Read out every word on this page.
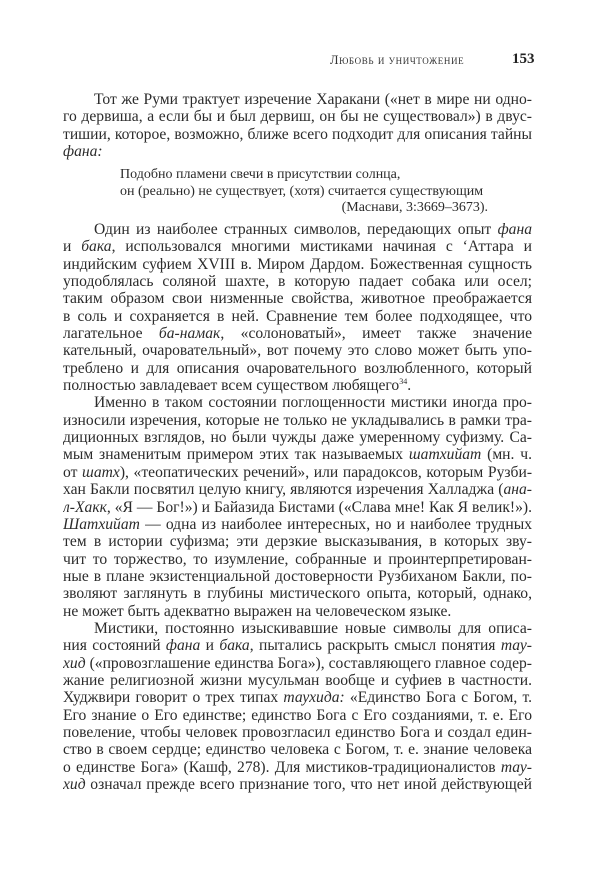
Любовь и уничтожение	153
Тот же Руми трактует изречение Харакани («нет в мире ни одно-
го дервиша, а если бы и был дервиш, он бы не существовал») в двус-
тишии, которое, возможно, ближе всего подходит для описания тайны
фана:
Подобно пламени свечи в присутствии солнца,
он (реально) не существует, (хотя) считается существующим
(Маснави, 3:3669–3673).
Один из наиболее странных символов, передающих опыт фана
и бака, использовался многими мистиками начиная с ‘Аттара и
индийским суфием XVIII в. Миром Дардом. Божественная сущность
уподоблялась соляной шахте, в которую падает собака или осел;
таким образом свои низменные свойства, животное преображается
в соль и сохраняется в ней. Сравнение тем более подходящее, что
лагательное ба-намак, «солоноватый», имеет также значение
кательный, очаровательный», вот почему это слово может быть упо-
треблено и для описания очаровательного возлюбленного, который
полностью завладевает всем существом любящего$^{34}$.
Именно в таком состоянии поглощенности мистики иногда про-
износили изречения, которые не только не укладывались в рамки тра-
диционных взглядов, но были чужды даже умеренному суфизму. Са-
мым знаменитым примером этих так называемых шатхийат (мн. ч.
от шатх), «теопатических речений», или парадоксов, которым Рузби-
хан Бакли посвятил целую книгу, являются изречения Халладжа (ана-
л-Хакк, «Я — Бог!») и Байазида Бистами («Слава мне! Как Я велик!»).
Шатхийат — одна из наиболее интересных, но и наиболее трудных
тем в истории суфизма; эти дерзкие высказывания, в которых зву-
чит то торжество, то изумление, собранные и проинтерпретирован-
ные в плане экзистенциальной достоверности Рузбиханом Бакли, по-
зволяют заглянуть в глубины мистического опыта, который, однако,
не может быть адекватно выражен на человеческом языке.
Мистики, постоянно изыскивавшие новые символы для описа-
ния состояний фана и бака, пытались раскрыть смысл понятия тау-
хид («провозглашение единства Бога»), составляющего главное содер-
жание религиозной жизни мусульман вообще и суфиев в частности.
Худжвири говорит о трех типах таухида: «Единство Бога с Богом, т.
Его знание о Его единстве; единство Бога с Его созданиями, т. е. Его
повеление, чтобы человек провозгласил единство Бога и создал един-
ство в своем сердце; единство человека с Богом, т. е. знание человека
о единстве Бога» (Кашф, 278). Для мистиков-традиционалистов тау-
хид означал прежде всего признание того, что нет иной действующей
